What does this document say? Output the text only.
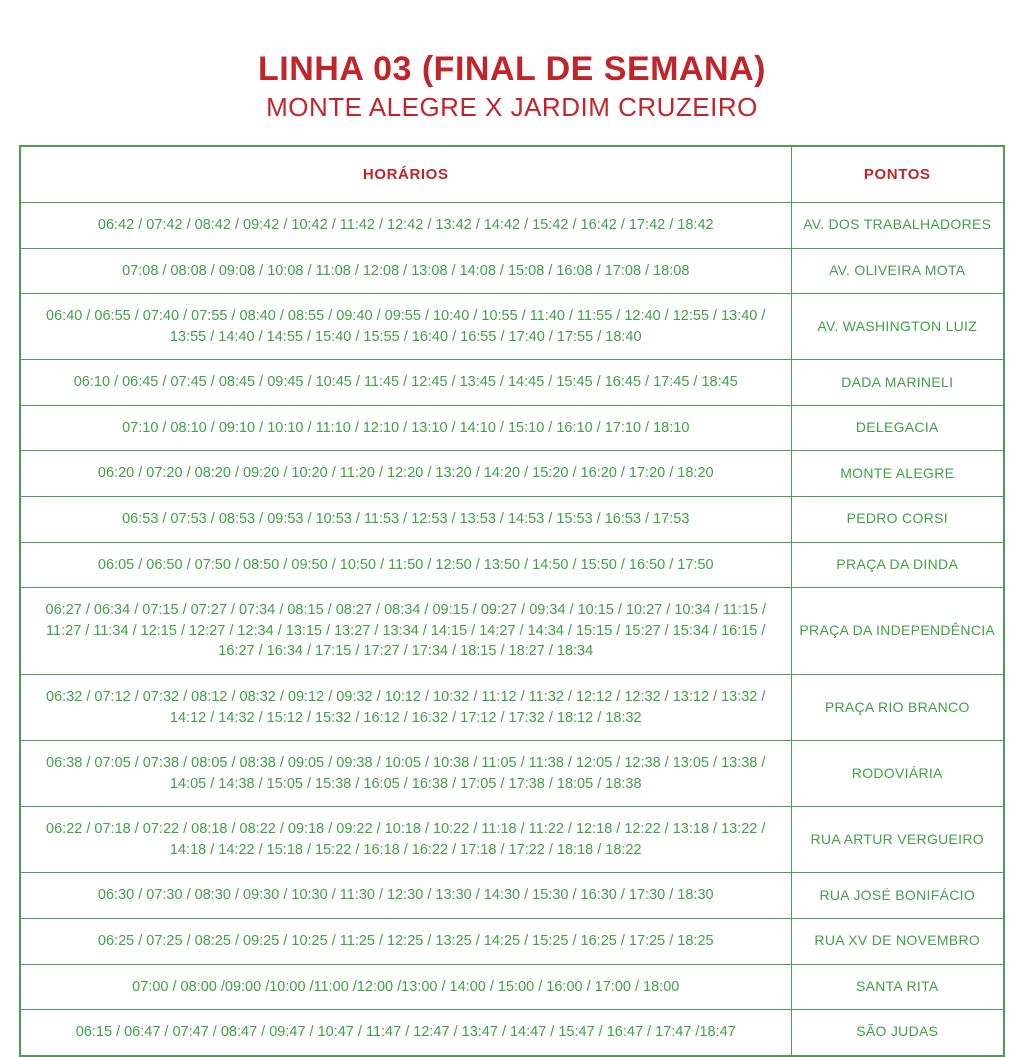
LINHA 03 (FINAL DE SEMANA)
MONTE ALEGRE X JARDIM CRUZEIRO
HORÁRIOS	PONTOS
06:42 / 07:42 / 08:42 / 09:42 / 10:42 / 11:42 / 12:42 / 13:42 / 14:42 / 15:42 / 16:42 / 17:42 / 18:42	AV. DOS TRABALHADORES
07:08 / 08:08 / 09:08 / 10:08 / 11:08 / 12:08 / 13:08 / 14:08 / 15:08 / 16:08 / 17:08 / 18:08	AV. OLIVEIRA MOTA
06:40 / 06:55 / 07:40 / 07:55 / 08:40 / 08:55 / 09:40 / 09:55 / 10:40 / 10:55 / 11:40 / 11:55 / 12:40 / 12:55 / 13:40 / 13:55 / 14:40 / 14:55 / 15:40 / 15:55 / 16:40 / 16:55 / 17:40 / 17:55 / 18:40	AV. WASHINGTON LUIZ
06:10 / 06:45 / 07:45 / 08:45 / 09:45 / 10:45 / 11:45 / 12:45 / 13:45 / 14:45 / 15:45 / 16:45 / 17:45 / 18:45	DADA MARINELI
07:10 / 08:10 / 09:10 / 10:10 / 11:10 / 12:10 / 13:10 / 14:10 / 15:10 / 16:10 / 17:10 / 18:10	DELEGACIA
06:20 / 07:20 / 08:20 / 09:20 / 10:20 / 11:20 / 12:20 / 13:20 / 14:20 / 15:20 / 16:20 / 17:20 / 18:20	MONTE ALEGRE
06:53 / 07:53 / 08:53 / 09:53 / 10:53 / 11:53 / 12:53 / 13:53 / 14:53 / 15:53 / 16:53 / 17:53	PEDRO CORSI
06:05 / 06:50 / 07:50 / 08:50 / 09:50 / 10:50 / 11:50 / 12:50 / 13:50 / 14:50 / 15:50 / 16:50 / 17:50	PRAÇA DA DINDA
06:27 / 06:34 / 07:15 / 07:27 / 07:34 / 08:15 / 08:27 / 08:34 / 09:15 / 09:27 / 09:34 / 10:15 / 10:27 / 10:34 / 11:15 / 11:27 / 11:34 / 12:15 / 12:27 / 12:34 / 13:15 / 13:27 / 13:34 / 14:15 / 14:27 / 14:34 / 15:15 / 15:27 / 15:34 / 16:15 / 16:27 / 16:34 / 17:15 / 17:27 / 17:34 / 18:15 / 18:27 / 18:34	PRAÇA DA INDEPENDÊNCIA
06:32 / 07:12 / 07:32 / 08:12 / 08:32 / 09:12 / 09:32 / 10:12 / 10:32 / 11:12 / 11:32 / 12:12 / 12:32 / 13:12 / 13:32 / 14:12 / 14:32 / 15:12 / 15:32 / 16:12 / 16:32 / 17:12 / 17:32 / 18:12 / 18:32	PRAÇA RIO BRANCO
06:38 / 07:05 / 07:38 / 08:05 / 08:38 / 09:05 / 09:38 / 10:05 / 10:38 / 11:05 / 11:38 / 12:05 / 12:38 / 13:05 / 13:38 / 14:05 / 14:38 / 15:05 / 15:38 / 16:05 / 16:38 / 17:05 / 17:38 / 18:05 / 18:38	RODOVIÁRIA
06:22 / 07:18 / 07:22 / 08:18 / 08:22 / 09:18 / 09:22 / 10:18 / 10:22 / 11:18 / 11:22 / 12:18 / 12:22 / 13:18 / 13:22 / 14:18 / 14:22 / 15:18 / 15:22 / 16:18 / 16:22 / 17:18 / 17:22 / 18:18 / 18:22	RUA ARTUR VERGUEIRO
06:30 / 07:30 / 08:30 / 09:30 / 10:30 / 11:30 / 12:30 / 13:30 / 14:30 / 15:30 / 16:30 / 17:30 / 18:30	RUA JOSÉ BONIFÁCIO
06:25 / 07:25 / 08:25 / 09:25 / 10:25 / 11:25 / 12:25 / 13:25 / 14:25 / 15:25 / 16:25 / 17:25 / 18:25	RUA XV DE NOVEMBRO
07:00 / 08:00 /09:00 /10:00 /11:00 /12:00 /13:00 / 14:00 / 15:00 / 16:00 / 17:00 / 18:00	SANTA RITA
06:15 / 06:47 / 07:47 / 08:47 / 09:47 / 10:47 / 11:47 / 12:47 / 13:47 / 14:47 / 15:47 / 16:47 / 17:47 /18:47	SÃO JUDAS
